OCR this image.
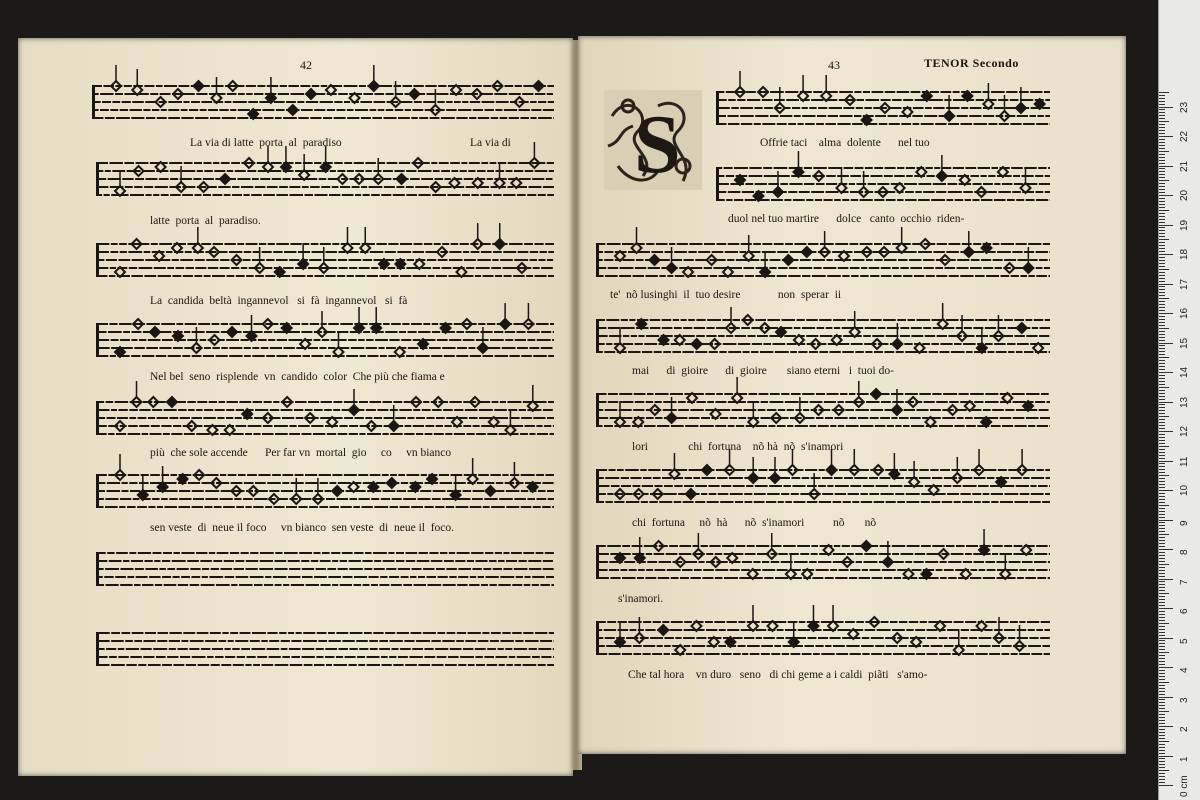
42	43	TENOR Secondo

S

La via di latte  porta  al  paradiso	La via di

latte  porta  al  paradiso.

La  candida  beltà  ingannevol   si  fà  ingannevol   si  fà

Nel bel  seno  risplende  vn  candido  color  Che più che fiama e

più  che sole accende      Per far vn  mortal  gio     co     vn bianco

sen veste  di  neue il foco     vn bianco  sen veste  di  neue il  foco.

Offrie taci    alma  dolente      nel tuo

duol nel tuo martire      dolce   canto  occhio  riden-

te'  nõ lusinghi  il  tuo desire             non  sperar  ii

mai      di  gioire      di  gioire       siano eterni   i  tuoi do-

lori              chi  fortuna    nõ hà  nõ  s'inamori

chi  fortuna     nõ  hà      nõ  s'inamori          nõ       nõ

s'inamori.

Che tal hora    vn duro   seno   di chi geme a i caldi  piãti   s'amo-

0 cm
1
2
3
4
5
6
7
8
9
10
11
12
13
14
15
16
17
18
19
20
21
22
23
